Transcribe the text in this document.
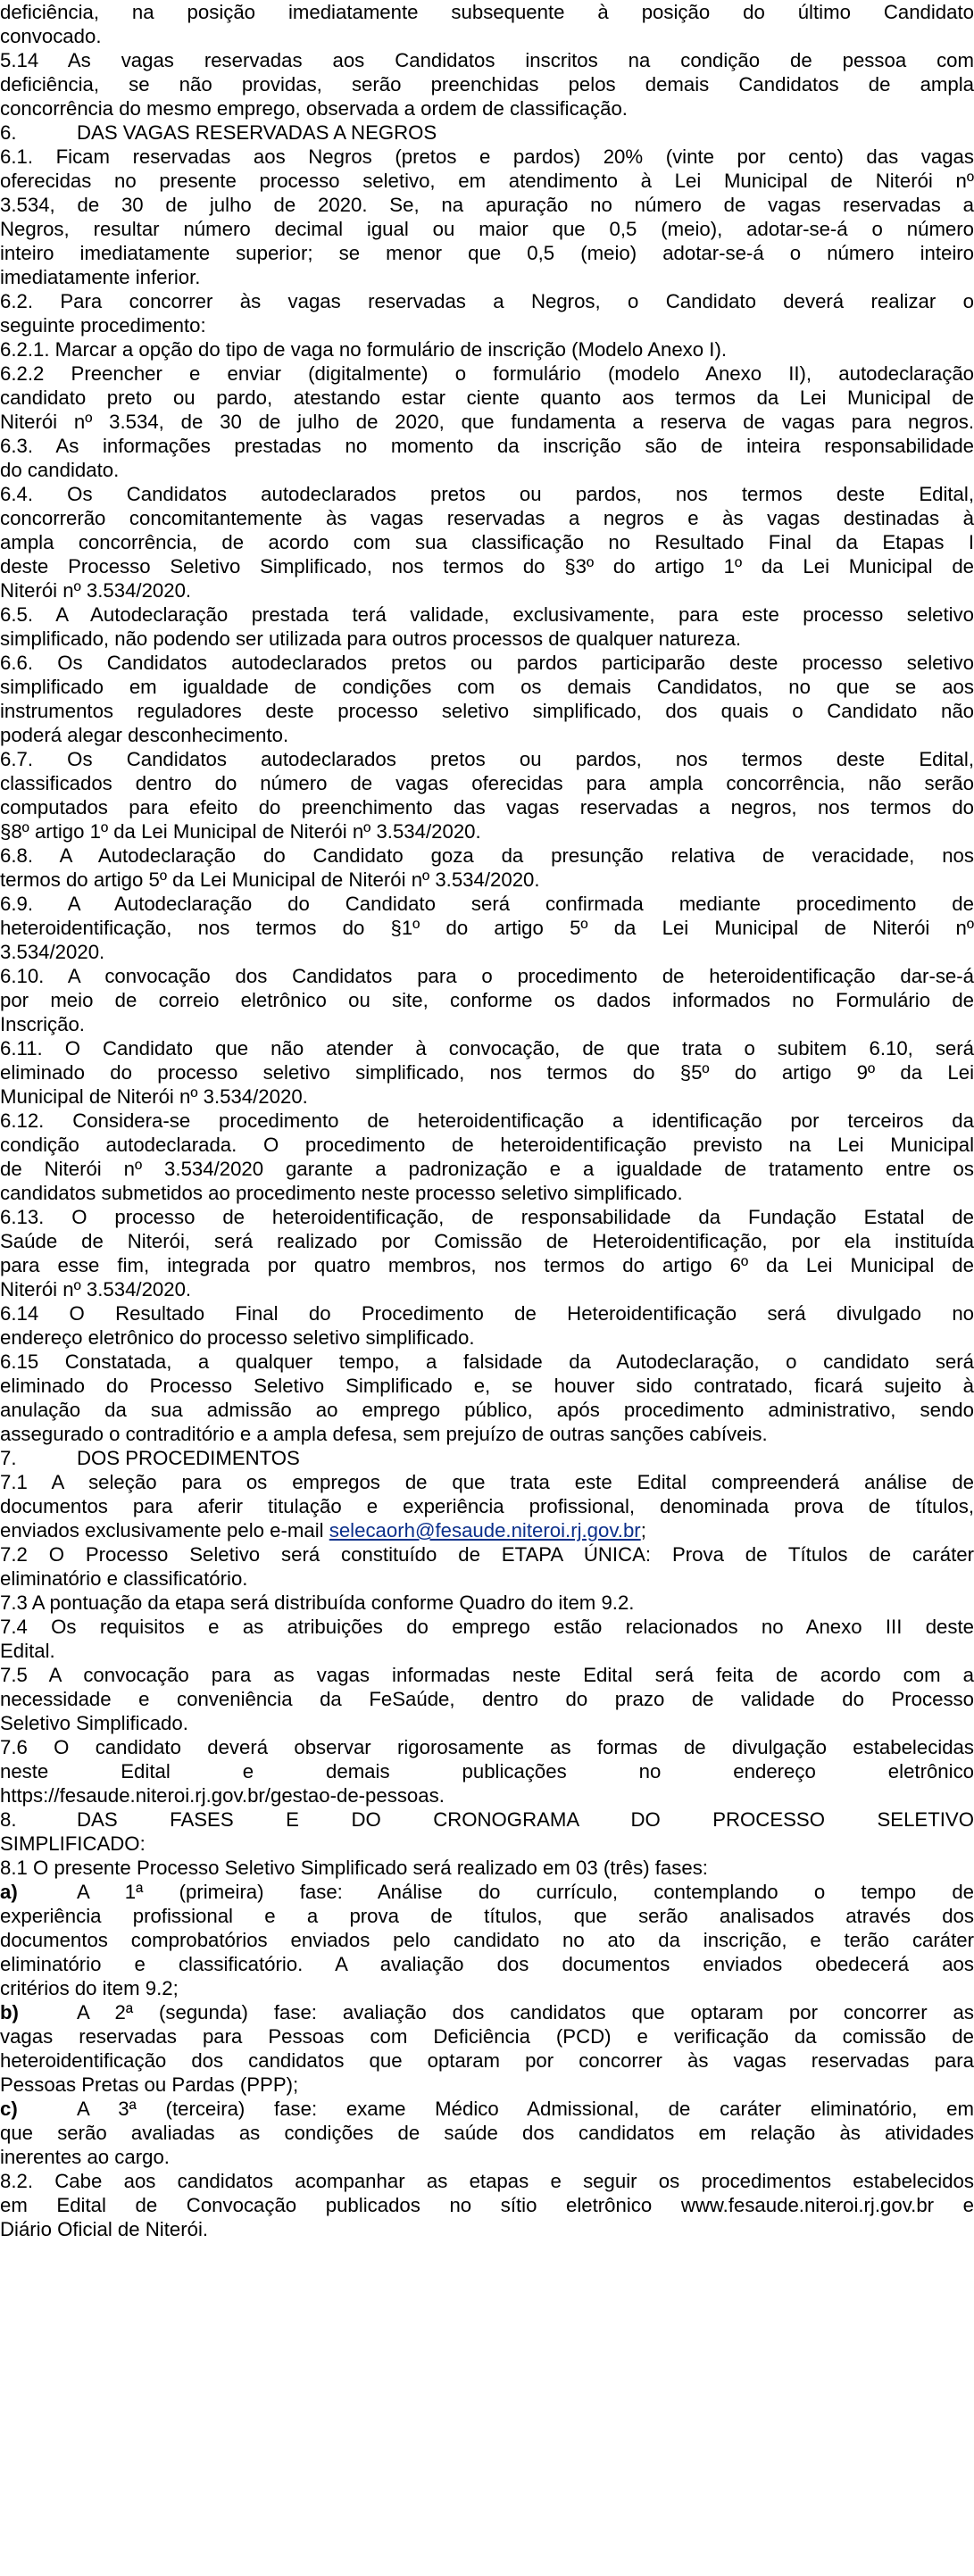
deficiência, na posição imediatamente subsequente à posição do último Candidato
convocado.
5.14 As vagas reservadas aos Candidatos inscritos na condição de pessoa com
deficiência, se não providas, serão preenchidas pelos demais Candidatos de ampla
concorrência do mesmo emprego, observada a ordem de classificação.
6.	DAS VAGAS RESERVADAS A NEGROS
6.1. Ficam reservadas aos Negros (pretos e pardos) 20% (vinte por cento) das vagas
oferecidas no presente processo seletivo, em atendimento à Lei Municipal de Niterói nº
3.534, de 30 de julho de 2020. Se, na apuração no número de vagas reservadas a
Negros, resultar número decimal igual ou maior que 0,5 (meio), adotar-se-á o número
inteiro imediatamente superior; se menor que 0,5 (meio) adotar-se-á o número inteiro
imediatamente inferior.
6.2. Para concorrer às vagas reservadas a Negros, o Candidato deverá realizar o
seguinte procedimento:
6.2.1. Marcar a opção do tipo de vaga no formulário de inscrição (Modelo Anexo I).
6.2.2 Preencher e enviar (digitalmente) o formulário (modelo Anexo II), autodeclaração
candidato preto ou pardo, atestando estar ciente quanto aos termos da Lei Municipal de
Niterói nº 3.534, de 30 de julho de 2020, que fundamenta a reserva de vagas para negros.
6.3. As informações prestadas no momento da inscrição são de inteira responsabilidade
do candidato.
6.4. Os Candidatos autodeclarados pretos ou pardos, nos termos deste Edital,
concorrerão concomitantemente às vagas reservadas a negros e às vagas destinadas à
ampla concorrência, de acordo com sua classificação no Resultado Final da Etapas I
deste Processo Seletivo Simplificado, nos termos do §3º do artigo 1º da Lei Municipal de
Niterói nº 3.534/2020.
6.5. A Autodeclaração prestada terá validade, exclusivamente, para este processo seletivo
simplificado, não podendo ser utilizada para outros processos de qualquer natureza.
6.6. Os Candidatos autodeclarados pretos ou pardos participarão deste processo seletivo
simplificado em igualdade de condições com os demais Candidatos, no que se aos
instrumentos reguladores deste processo seletivo simplificado, dos quais o Candidato não
poderá alegar desconhecimento.
6.7. Os Candidatos autodeclarados pretos ou pardos, nos termos deste Edital,
classificados dentro do número de vagas oferecidas para ampla concorrência, não serão
computados para efeito do preenchimento das vagas reservadas a negros, nos termos do
§8º artigo 1º da Lei Municipal de Niterói nº 3.534/2020.
6.8. A Autodeclaração do Candidato goza da presunção relativa de veracidade, nos
termos do artigo 5º da Lei Municipal de Niterói nº 3.534/2020.
6.9. A Autodeclaração do Candidato será confirmada mediante procedimento de
heteroidentificação, nos termos do §1º do artigo 5º da Lei Municipal de Niterói nº
3.534/2020.
6.10. A convocação dos Candidatos para o procedimento de heteroidentificação dar-se-á
por meio de correio eletrônico ou site, conforme os dados informados no Formulário de
Inscrição.
6.11. O Candidato que não atender à convocação, de que trata o subitem 6.10, será
eliminado do processo seletivo simplificado, nos termos do §5º do artigo 9º da Lei
Municipal de Niterói nº 3.534/2020.
6.12. Considera-se procedimento de heteroidentificação a identificação por terceiros da
condição autodeclarada. O procedimento de heteroidentificação previsto na Lei Municipal
de Niterói nº 3.534/2020 garante a padronização e a igualdade de tratamento entre os
candidatos submetidos ao procedimento neste processo seletivo simplificado.
6.13. O processo de heteroidentificação, de responsabilidade da Fundação Estatal de
Saúde de Niterói, será realizado por Comissão de Heteroidentificação, por ela instituída
para esse fim, integrada por quatro membros, nos termos do artigo 6º da Lei Municipal de
Niterói nº 3.534/2020.
6.14 O Resultado Final do Procedimento de Heteroidentificação será divulgado no
endereço eletrônico do processo seletivo simplificado.
6.15 Constatada, a qualquer tempo, a falsidade da Autodeclaração, o candidato será
eliminado do Processo Seletivo Simplificado e, se houver sido contratado, ficará sujeito à
anulação da sua admissão ao emprego público, após procedimento administrativo, sendo
assegurado o contraditório e a ampla defesa, sem prejuízo de outras sanções cabíveis.
7.	DOS PROCEDIMENTOS
7.1 A seleção para os empregos de que trata este Edital compreenderá análise de
documentos para aferir titulação e experiência profissional, denominada prova de títulos,
enviados exclusivamente pelo e-mail selecaorh@fesaude.niteroi.rj.gov.br;
7.2 O Processo Seletivo será constituído de ETAPA ÚNICA: Prova de Títulos de caráter
eliminatório e classificatório.
7.3 A pontuação da etapa será distribuída conforme Quadro do item 9.2.
7.4 Os requisitos e as atribuições do emprego estão relacionados no Anexo III deste
Edital.
7.5 A convocação para as vagas informadas neste Edital será feita de acordo com a
necessidade e conveniência da FeSaúde, dentro do prazo de validade do Processo
Seletivo Simplificado.
7.6 O candidato deverá observar rigorosamente as formas de divulgação estabelecidas
neste Edital e demais publicações no endereço eletrônico
https://fesaude.niteroi.rj.gov.br/gestao-de-pessoas.
8.	DAS FASES E DO CRONOGRAMA DO PROCESSO SELETIVO
SIMPLIFICADO:
8.1 O presente Processo Seletivo Simplificado será realizado em 03 (três) fases:
a)	A 1ª (primeira) fase: Análise do currículo, contemplando o tempo de
experiência profissional e a prova de títulos, que serão analisados através dos
documentos comprobatórios enviados pelo candidato no ato da inscrição, e terão caráter
eliminatório e classificatório. A avaliação dos documentos enviados obedecerá aos
critérios do item 9.2;
b)	A 2ª (segunda) fase: avaliação dos candidatos que optaram por concorrer as
vagas reservadas para Pessoas com Deficiência (PCD) e verificação da comissão de
heteroidentificação dos candidatos que optaram por concorrer às vagas reservadas para
Pessoas Pretas ou Pardas (PPP);
c)	A 3ª (terceira) fase: exame Médico Admissional, de caráter eliminatório, em
que serão avaliadas as condições de saúde dos candidatos em relação às atividades
inerentes ao cargo.
8.2. Cabe aos candidatos acompanhar as etapas e seguir os procedimentos estabelecidos
em Edital de Convocação publicados no sítio eletrônico www.fesaude.niteroi.rj.gov.br e
Diário Oficial de Niterói.
